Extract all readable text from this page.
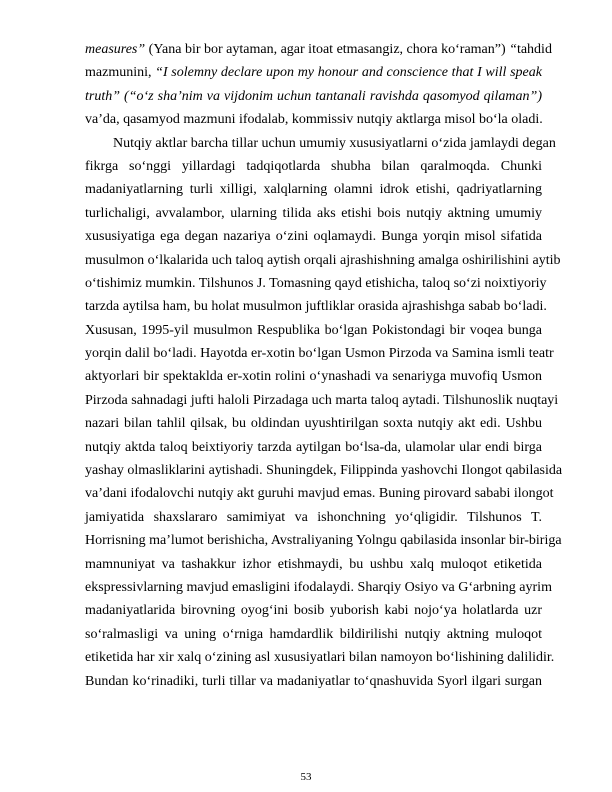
measures” (Yana bir bor aytaman, agar itoat etmasangiz, chora ko‘raman”) “tahdid
mazmunini, “I solemny declare upon my honour and conscience that I will speak
truth” (“o‘z sha’nim va vijdonim uchun tantanali ravishda qasomyod qilaman”)
va’da, qasamyod mazmuni ifodalab, kommissiv nutqiy aktlarga misol bo‘la oladi.
Nutqiy aktlar barcha tillar uchun umumiy xususiyatlarni o‘zida jamlaydi degan
fikrga so‘nggi yillardagi tadqiqotlarda shubha bilan qaralmoqda. Chunki
madaniyatlarning turli xilligi, xalqlarning olamni idrok etishi, qadriyatlarning
turlichaligi, avvalambor, ularning tilida aks etishi bois nutqiy aktning umumiy
xususiyatiga ega degan nazariya o‘zini oqlamaydi. Bunga yorqin misol sifatida
musulmon o‘lkalarida uch taloq aytish orqali ajrashishning amalga oshirilishini aytib
o‘tishimiz mumkin. Tilshunos J. Tomasning qayd etishicha, taloq so‘zi noixtiyoriy
tarzda aytilsa ham, bu holat musulmon juftliklar orasida ajrashishga sabab bo‘ladi.
Xususan, 1995-yil musulmon Respublika bo‘lgan Pokistondagi bir voqea bunga
yorqin dalil bo‘ladi. Hayotda er-xotin bo‘lgan Usmon Pirzoda va Samina ismli teatr
aktyorlari bir spektaklda er-xotin rolini o‘ynashadi va senariyga muvofiq Usmon
Pirzoda sahnadagi jufti haloli Pirzadaga uch marta taloq aytadi. Tilshunoslik nuqtayi
nazari bilan tahlil qilsak, bu oldindan uyushtirilgan soxta nutqiy akt edi. Ushbu
nutqiy aktda taloq beixtiyoriy tarzda aytilgan bo‘lsa-da, ulamolar ular endi birga
yashay olmasliklarini aytishadi. Shuningdek, Filippinda yashovchi Ilongot qabilasida
va’dani ifodalovchi nutqiy akt guruhi mavjud emas. Buning pirovard sababi ilongot
jamiyatida shaxslararo samimiyat va ishonchning yo‘qligidir. Tilshunos T.
Horrisning ma’lumot berishicha, Avstraliyaning Yolngu qabilasida insonlar bir-biriga
mamnuniyat va tashakkur izhor etishmaydi, bu ushbu xalq muloqot etiketida
ekspressivlarning mavjud emasligini ifodalaydi. Sharqiy Osiyo va G‘arbning ayrim
madaniyatlarida birovning oyog‘ini bosib yuborish kabi nojo‘ya holatlarda uzr
so‘ralmasligi va uning o‘rniga hamdardlik bildirilishi nutqiy aktning muloqot
etiketida har xir xalq o‘zining asl xususiyatlari bilan namoyon bo‘lishining dalilidir.
Bundan ko‘rinadiki, turli tillar va madaniyatlar to‘qnashuvida Syorl ilgari surgan
53
